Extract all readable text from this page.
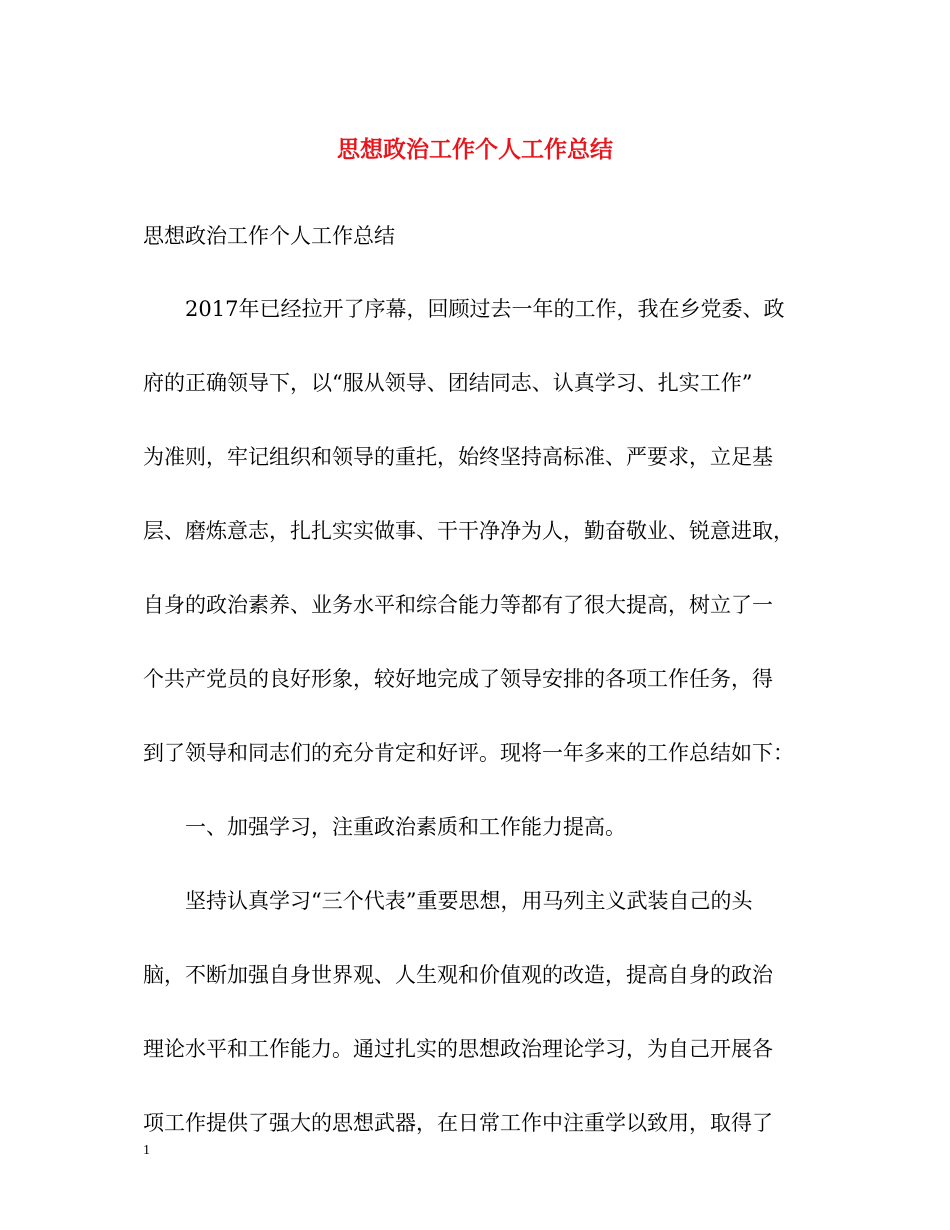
思想政治工作个人工作总结

思想政治工作个人工作总结

　　2017年已经拉开了序幕，回顾过去一年的工作，我在乡党委、政

府的正确领导下，以“服从领导、团结同志、认真学习、扎实工作”

为准则，牢记组织和领导的重托，始终坚持高标准、严要求，立足基

层、磨炼意志，扎扎实实做事、干干净净为人，勤奋敬业、锐意进取，

自身的政治素养、业务水平和综合能力等都有了很大提高，树立了一

个共产党员的良好形象，较好地完成了领导安排的各项工作任务，得

到了领导和同志们的充分肯定和好评。现将一年多来的工作总结如下：

　　一、加强学习，注重政治素质和工作能力提高。

　　坚持认真学习“三个代表”重要思想，用马列主义武装自己的头

脑，不断加强自身世界观、人生观和价值观的改造，提高自身的政治

理论水平和工作能力。通过扎实的思想政治理论学习，为自己开展各

项工作提供了强大的思想武器，在日常工作中注重学以致用，取得了

1
